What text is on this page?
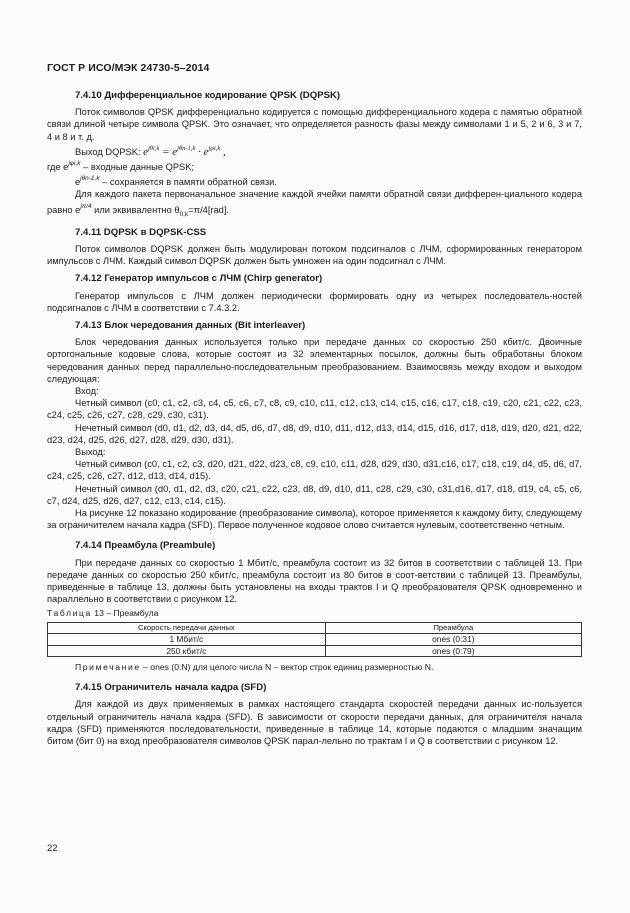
ГОСТ Р ИСО/МЭК 24730-5–2014

7.4.10 Дифференциальное кодирование QPSK (DQPSK)

Поток символов QPSK дифференциально кодируется с помощью дифференциального кодера с памятью обратной связи длиной четыре символа QPSK. Это означает, что определяется разность фазы между символами 1 и 5, 2 и 6, 3 и 7, 4 и 8 и т. д.

Выход DQPSK: $e^{j\theta i,k} = e^{j\theta n-1,k} \cdot e^{j\varphi i,k}$ ,

где $e^{j\varphi i,k}$ – входные данные QPSK;

$e^{j\theta n-1,k}$ – сохраняется в памяти обратной связи.

Для каждого пакета первоначальное значение каждой ячейки памяти обратной связи дифферен-циального кодера равно $e^{j\pi/4}$ или эквивалентно $\theta_{0,k}=\pi/4[rad]$.

7.4.11 DQPSK в DQPSK-CSS

Поток символов DQPSK должен быть модулирован потоком подсигналов с ЛЧМ, сформированных генератором импульсов с ЛЧМ. Каждый символ DQPSK должен быть умножен на один подсигнал с ЛЧМ.

7.4.12 Генератор импульсов с ЛЧМ (Chirp generator)

Генератор импульсов с ЛЧМ должен периодически формировать одну из четырех последователь-ностей подсигналов с ЛЧМ в соответствии с 7.4.3.2.

7.4.13 Блок чередования данных (Bit interleaver)

Блок чередования данных используется только при передаче данных со скоростью 250 кбит/с. Двоичные ортогональные кодовые слова, которые состоят из 32 элементарных посылок, должны быть обработаны блоком чередования данных перед параллельно-последовательным преобразованием. Взаимосвязь между входом и выходом следующая:

Вход:

Четный символ (c0, c1, c2, c3, c4, c5, c6, c7, c8, c9, c10, c11, c12, c13, c14, c15, c16, c17, c18, c19, c20, c21, c22, c23, c24, c25, c26, c27, c28, c29, c30, c31).

Нечетный символ (d0, d1, d2, d3, d4, d5, d6, d7, d8, d9, d10, d11, d12, d13, d14, d15, d16, d17, d18, d19, d20, d21, d22, d23, d24, d25, d26, d27, d28, d29, d30, d31).

Выход:

Четный символ (c0, c1, c2, c3, d20, d21, d22, d23, c8, c9, c10, c11, d28, d29, d30, d31,c16, c17, c18, c19, d4, d5, d6, d7, c24, c25, c26, c27, d12, d13, d14, d15).

Нечетный символ (d0, d1, d2, d3, c20, c21, c22, c23, d8, d9, d10, d11, c28, c29, c30, c31,d16, d17, d18, d19, c4, c5, c6, c7, d24, d25, d26, d27, c12, c13, c14, c15).

На рисунке 12 показано кодирование (преобразование символа), которое применяется к каждому биту, следующему за ограничителем начала кадра (SFD). Первое полученное кодовое слово считается нулевым, соответственно четным.

7.4.14 Преамбула (Preambule)

При передаче данных со скоростью 1 Мбит/с, преамбула состоит из 32 битов в соответствии с таблицей 13. При передаче данных со скоростью 250 кбит/с, преамбула состоит из 80 битов в соот-ветствии с таблицей 13. Преамбулы, приведенные в таблице 13, должны быть установлены на входы трактов I и Q преобразователя QPSK одновременно и параллельно в соответствии с рисунком 12.

Таблица 13 – Преамбула

Скорость передачи данных	Преамбула
1 Мбит/с	ones (0:31)
250 кбит/с	ones (0:79)

Примечание – ones (0:N) для целого числа N – вектор строк единиц размерностью N.

7.4.15 Ограничитель начала кадра (SFD)

Для каждой из двух применяемых в рамках настоящего стандарта скоростей передачи данных ис-пользуется отдельный ограничитель начала кадра (SFD). В зависимости от скорости передачи данных, для ограничителя начала кадра (SFD) применяются последовательности, приведенные в таблице 14, которые подаются с младшим значащим битом (бит 0) на вход преобразователя символов QPSK парал-лельно по трактам I и Q в соответствии с рисунком 12.

22
